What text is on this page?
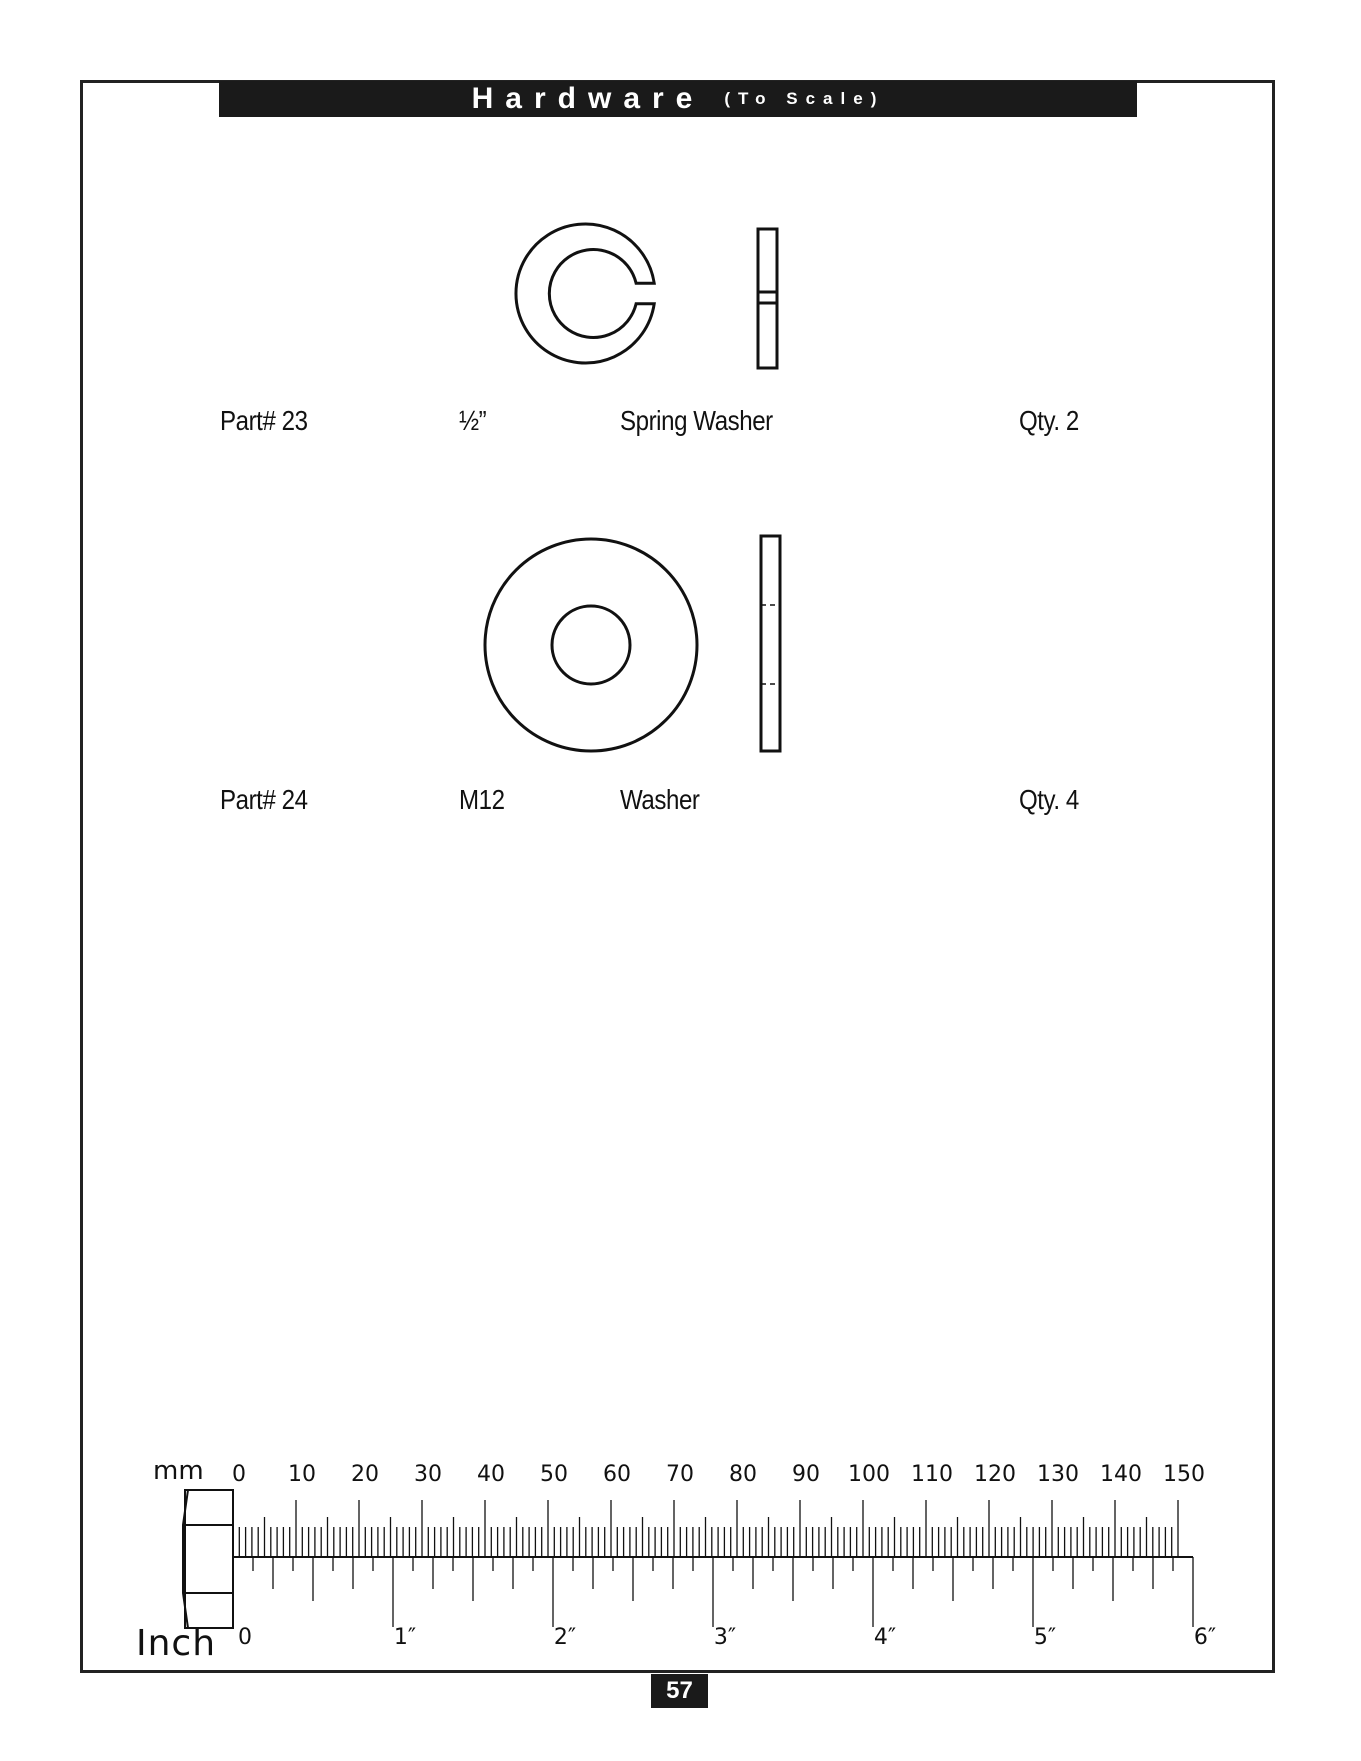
Hardware (To Scale)
Part# 23	½”	Spring Washer	Qty. 2
Part# 24	M12	Washer	Qty. 4
0 10 20 30 40 50 60 70 80 90 100 110 120 130 140 150
0	1″	2″	3″	4″	5″	6″
mm
Inch
57
